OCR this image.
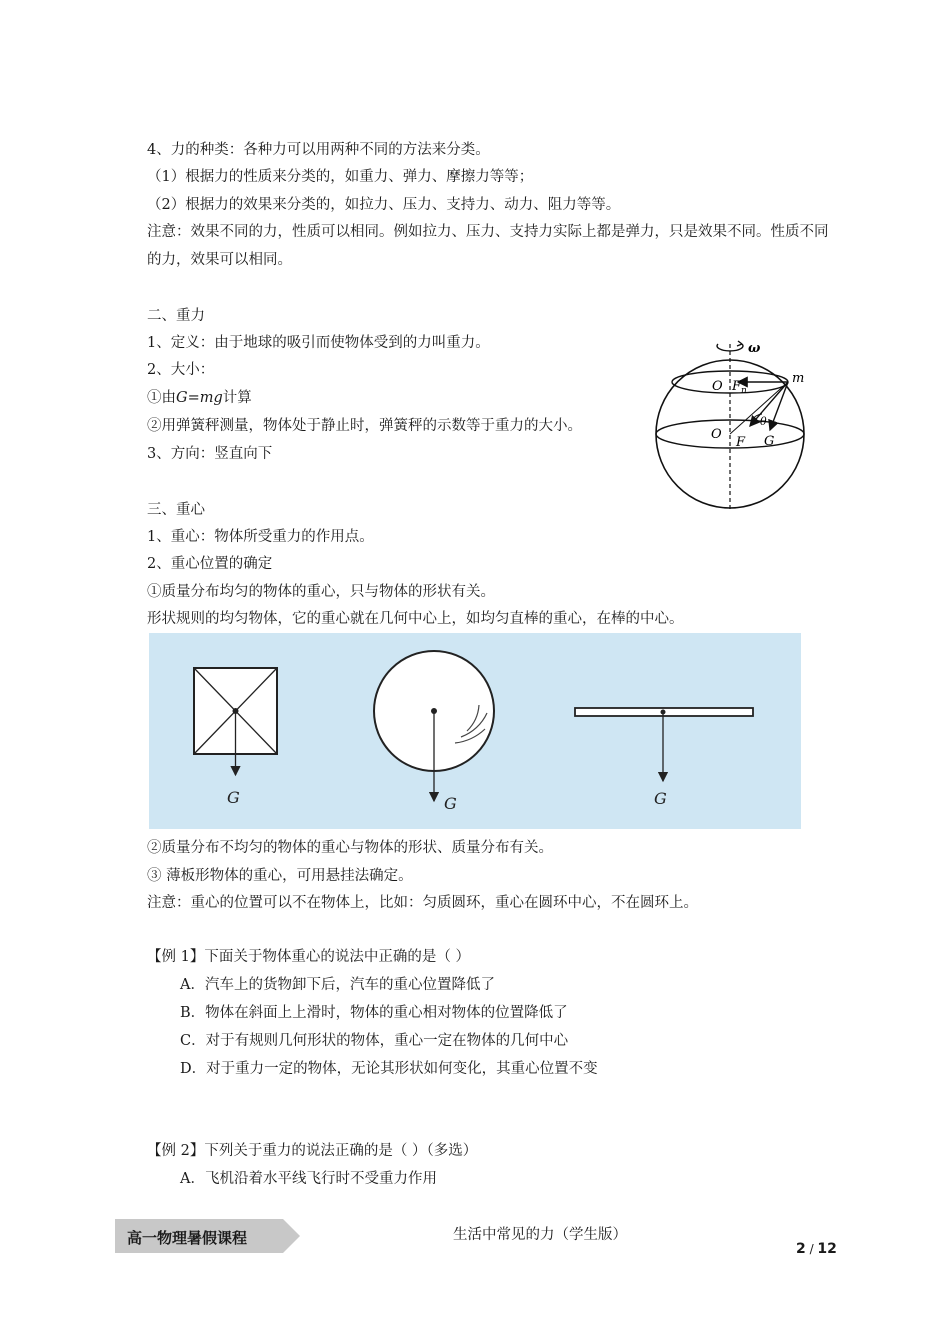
4、力的种类：各种力可以用两种不同的方法来分类。
（1）根据力的性质来分类的，如重力、弹力、摩擦力等等；
（2）根据力的效果来分类的，如拉力、压力、支持力、动力、阻力等等。
注意：效果不同的力，性质可以相同。例如拉力、压力、支持力实际上都是弹力，只是效果不同。性质不同的力，效果可以相同。
二、重力
1、定义：由于地球的吸引而使物体受到的力叫重力。
2、大小：
①由G=mg计算
②用弹簧秤测量，物体处于静止时，弹簧秤的示数等于重力的大小。
3、方向：竖直向下
ω
m
O $F_n$
θ
O
F G
三、重心
1、重心：物体所受重力的作用点。
2、重心位置的确定
①质量分布均匀的物体的重心，只与物体的形状有关。
形状规则的均匀物体，它的重心就在几何中心上，如均匀直棒的重心，在棒的中心。
G	G	G
②质量分布不均匀的物体的重心与物体的形状、质量分布有关。
③ 薄板形物体的重心，可用悬挂法确定。
注意：重心的位置可以不在物体上，比如：匀质圆环，重心在圆环中心，不在圆环上。
【例 1】下面关于物体重心的说法中正确的是（ ）
A．汽车上的货物卸下后，汽车的重心位置降低了
B．物体在斜面上上滑时，物体的重心相对物体的位置降低了
C．对于有规则几何形状的物体，重心一定在物体的几何中心
D．对于重力一定的物体，无论其形状如何变化，其重心位置不变
【例 2】下列关于重力的说法正确的是（ ）（多选）
A．飞机沿着水平线飞行时不受重力作用
高一物理暑假课程	生活中常见的力（学生版）
2 / 12
